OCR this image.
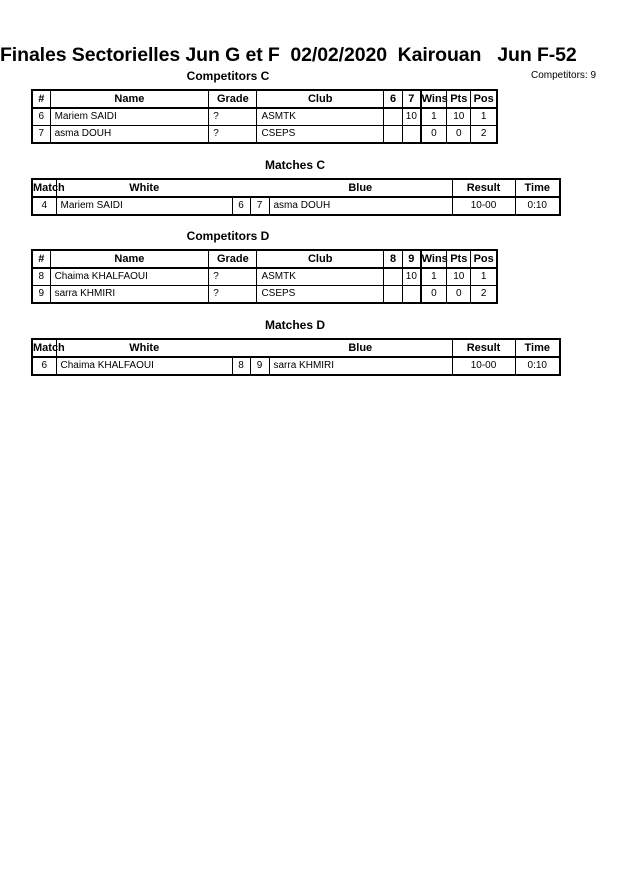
Finales Sectorielles Jun G et F  02/02/2020  Kairouan   Jun F-52
Competitors: 9
Competitors C
#	Name	Grade	Club	6	7	Wins	Pts	Pos
6	Mariem SAIDI	?	ASMTK		10	1	10	1
7	asma DOUH	?	CSEPS			0	0	2
Matches C
Match	White			Blue	Result	Time
4	Mariem SAIDI	6	7	asma DOUH	10-00	0:10
Competitors D
#	Name	Grade	Club	8	9	Wins	Pts	Pos
8	Chaima KHALFAOUI	?	ASMTK		10	1	10	1
9	sarra KHMIRI	?	CSEPS			0	0	2
Matches D
Match	White			Blue	Result	Time
6	Chaima KHALFAOUI	8	9	sarra KHMIRI	10-00	0:10
